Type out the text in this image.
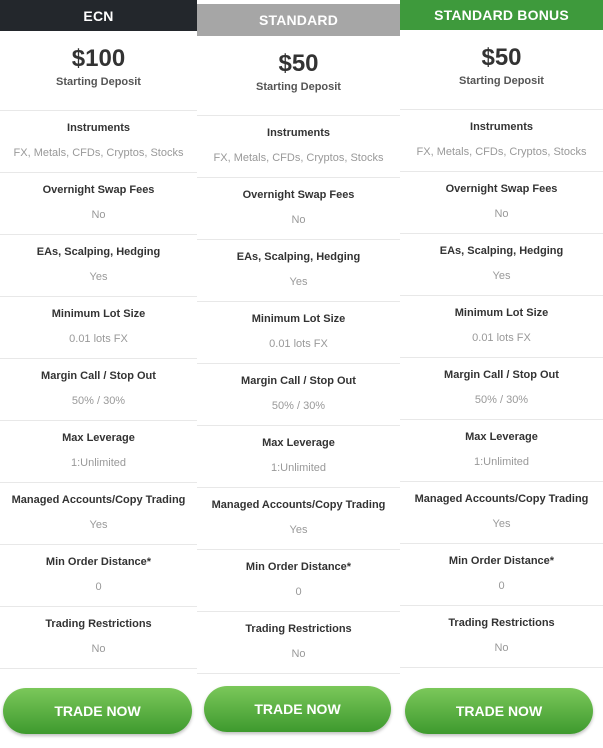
ECN
$100
Starting Deposit
Instruments
FX, Metals, CFDs, Cryptos, Stocks
Overnight Swap Fees
No
EAs, Scalping, Hedging
Yes
Minimum Lot Size
0.01 lots FX
Margin Call / Stop Out
50% / 30%
Max Leverage
1:Unlimited
Managed Accounts/Copy Trading
Yes
Min Order Distance*
0
Trading Restrictions
No
TRADE NOW
STANDARD
$50
Starting Deposit
Instruments
FX, Metals, CFDs, Cryptos, Stocks
Overnight Swap Fees
No
EAs, Scalping, Hedging
Yes
Minimum Lot Size
0.01 lots FX
Margin Call / Stop Out
50% / 30%
Max Leverage
1:Unlimited
Managed Accounts/Copy Trading
Yes
Min Order Distance*
0
Trading Restrictions
No
TRADE NOW
STANDARD BONUS
$50
Starting Deposit
Instruments
FX, Metals, CFDs, Cryptos, Stocks
Overnight Swap Fees
No
EAs, Scalping, Hedging
Yes
Minimum Lot Size
0.01 lots FX
Margin Call / Stop Out
50% / 30%
Max Leverage
1:Unlimited
Managed Accounts/Copy Trading
Yes
Min Order Distance*
0
Trading Restrictions
No
TRADE NOW
